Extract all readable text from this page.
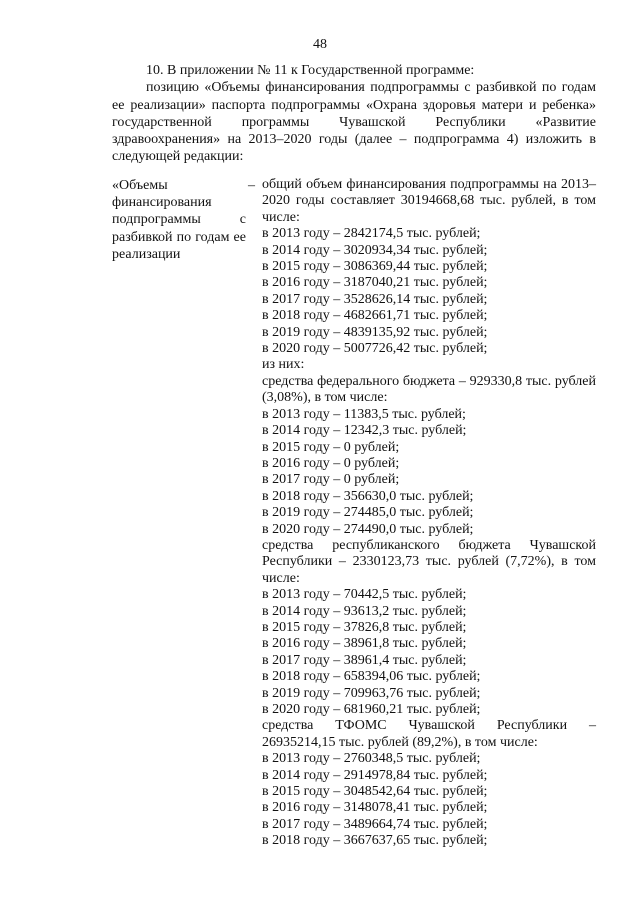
48

10. В приложении № 11 к Государственной программе:

позицию «Объемы финансирования подпрограммы с разбивкой по годам ее реализации» паспорта подпрограммы «Охрана здоровья матери и ребенка» государственной программы Чувашской Республики «Развитие здравоохранения» на 2013–2020 годы (далее – подпрограмма 4) изложить в следующей редакции:

«Объемы финансирования подпрограммы с разбивкой по годам ее реализации
– общий объем финансирования подпрограммы на 2013–2020 годы составляет 30194668,68 тыс. рублей, в том числе:
в 2013 году – 2842174,5 тыс. рублей;
в 2014 году – 3020934,34 тыс. рублей;
в 2015 году – 3086369,44 тыс. рублей;
в 2016 году – 3187040,21 тыс. рублей;
в 2017 году – 3528626,14 тыс. рублей;
в 2018 году – 4682661,71 тыс. рублей;
в 2019 году – 4839135,92 тыс. рублей;
в 2020 году – 5007726,42 тыс. рублей;
из них:
средства федерального бюджета – 929330,8 тыс. рублей (3,08%), в том числе:
в 2013 году – 11383,5 тыс. рублей;
в 2014 году – 12342,3 тыс. рублей;
в 2015 году – 0 рублей;
в 2016 году – 0 рублей;
в 2017 году – 0 рублей;
в 2018 году – 356630,0 тыс. рублей;
в 2019 году – 274485,0 тыс. рублей;
в 2020 году – 274490,0 тыс. рублей;
средства республиканского бюджета Чувашской Республики – 2330123,73 тыс. рублей (7,72%), в том числе:
в 2013 году – 70442,5 тыс. рублей;
в 2014 году – 93613,2 тыс. рублей;
в 2015 году – 37826,8 тыс. рублей;
в 2016 году – 38961,8 тыс. рублей;
в 2017 году – 38961,4 тыс. рублей;
в 2018 году – 658394,06 тыс. рублей;
в 2019 году – 709963,76 тыс. рублей;
в 2020 году – 681960,21 тыс. рублей;
средства ТФОМС Чувашской Республики – 26935214,15 тыс. рублей (89,2%), в том числе:
в 2013 году – 2760348,5 тыс. рублей;
в 2014 году – 2914978,84 тыс. рублей;
в 2015 году – 3048542,64 тыс. рублей;
в 2016 году – 3148078,41 тыс. рублей;
в 2017 году – 3489664,74 тыс. рублей;
в 2018 году – 3667637,65 тыс. рублей;
